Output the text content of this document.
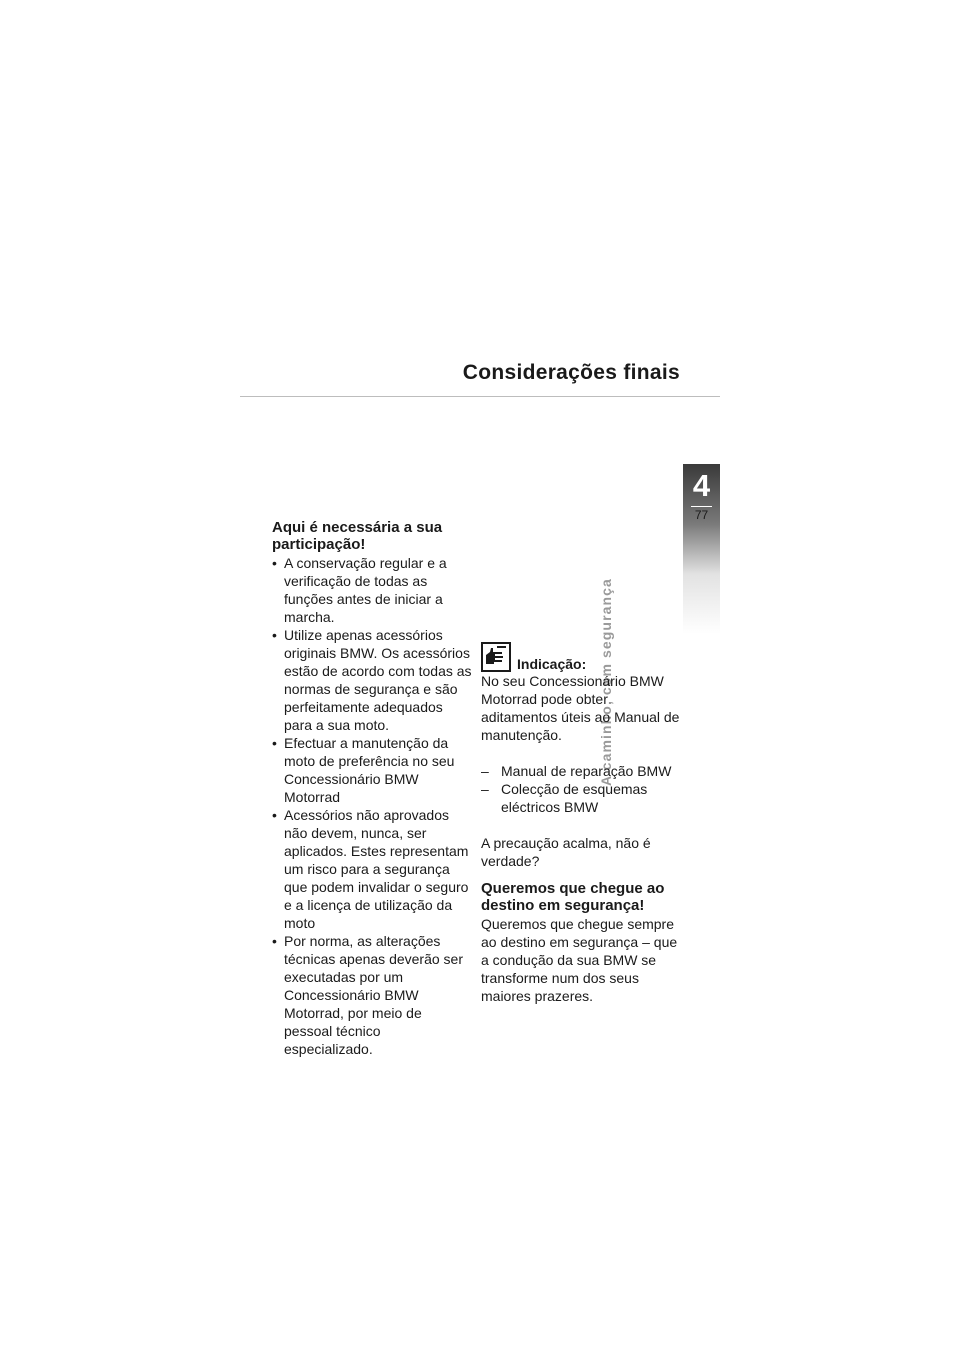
Considerações finais
4
77
A caminho, com segurança
Aqui é necessária a sua participação!
• A conservação regular e a verificação de todas as funções antes de iniciar a marcha.
• Utilize apenas acessórios originais BMW. Os acessórios estão de acordo com todas as normas de segurança e são perfeitamente adequados para a sua moto.
• Efectuar a manutenção da moto de preferência no seu Concessionário BMW Motorrad
• Acessórios não aprovados não devem, nunca, ser aplicados. Estes representam um risco para a segurança que podem invalidar o seguro e a licença de utilização da moto
• Por norma, as alterações técnicas apenas deverão ser executadas por um Concessionário BMW Motorrad, por meio de pessoal técnico especializado.
Indicação:

No seu Concessionário BMW Motorrad pode obter aditamentos úteis ao Manual de manutenção.

– Manual de reparação BMW
– Colecção de esquemas eléctricos BMW

A precaução acalma, não é verdade?

Queremos que chegue ao destino em segurança!

Queremos que chegue sempre ao destino em segurança – que a condução da sua BMW se transforme num dos seus maiores prazeres.
